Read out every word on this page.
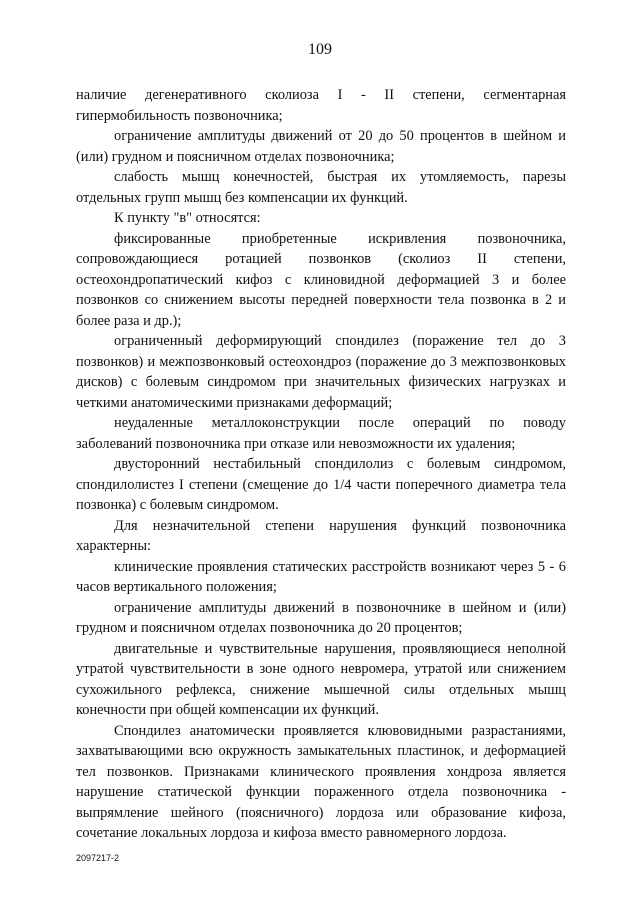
109

наличие дегенеративного сколиоза I - II степени, сегментарная гипермобильность позвоночника;

ограничение амплитуды движений от 20 до 50 процентов в шейном и (или) грудном и поясничном отделах позвоночника;

слабость мышц конечностей, быстрая их утомляемость, парезы отдельных групп мышц без компенсации их функций.

К пункту "в" относятся:

фиксированные приобретенные искривления позвоночника, сопровождающиеся ротацией позвонков (сколиоз II степени, остеохондропатический кифоз с клиновидной деформацией 3 и более позвонков со снижением высоты передней поверхности тела позвонка в 2 и более раза и др.);

ограниченный деформирующий спондилез (поражение тел до 3 позвонков) и межпозвонковый остеохондроз (поражение до 3 межпозвонковых дисков) с болевым синдромом при значительных физических нагрузках и четкими анатомическими признаками деформаций;

неудаленные металлоконструкции после операций по поводу заболеваний позвоночника при отказе или невозможности их удаления;

двусторонний нестабильный спондилолиз с болевым синдромом, спондилолистез I степени (смещение до 1/4 части поперечного диаметра тела позвонка) с болевым синдромом.

Для незначительной степени нарушения функций позвоночника характерны:

клинические проявления статических расстройств возникают через 5 - 6 часов вертикального положения;

ограничение амплитуды движений в позвоночнике в шейном и (или) грудном и поясничном отделах позвоночника до 20 процентов;

двигательные и чувствительные нарушения, проявляющиеся неполной утратой чувствительности в зоне одного невромера, утратой или снижением сухожильного рефлекса, снижение мышечной силы отдельных мышц конечности при общей компенсации их функций.

Спондилез анатомически проявляется клювовидными разрастаниями, захватывающими всю окружность замыкательных пластинок, и деформацией тел позвонков. Признаками клинического проявления хондроза является нарушение статической функции пораженного отдела позвоночника - выпрямление шейного (поясничного) лордоза или образование кифоза, сочетание локальных лордоза и кифоза вместо равномерного лордоза.

2097217-2
